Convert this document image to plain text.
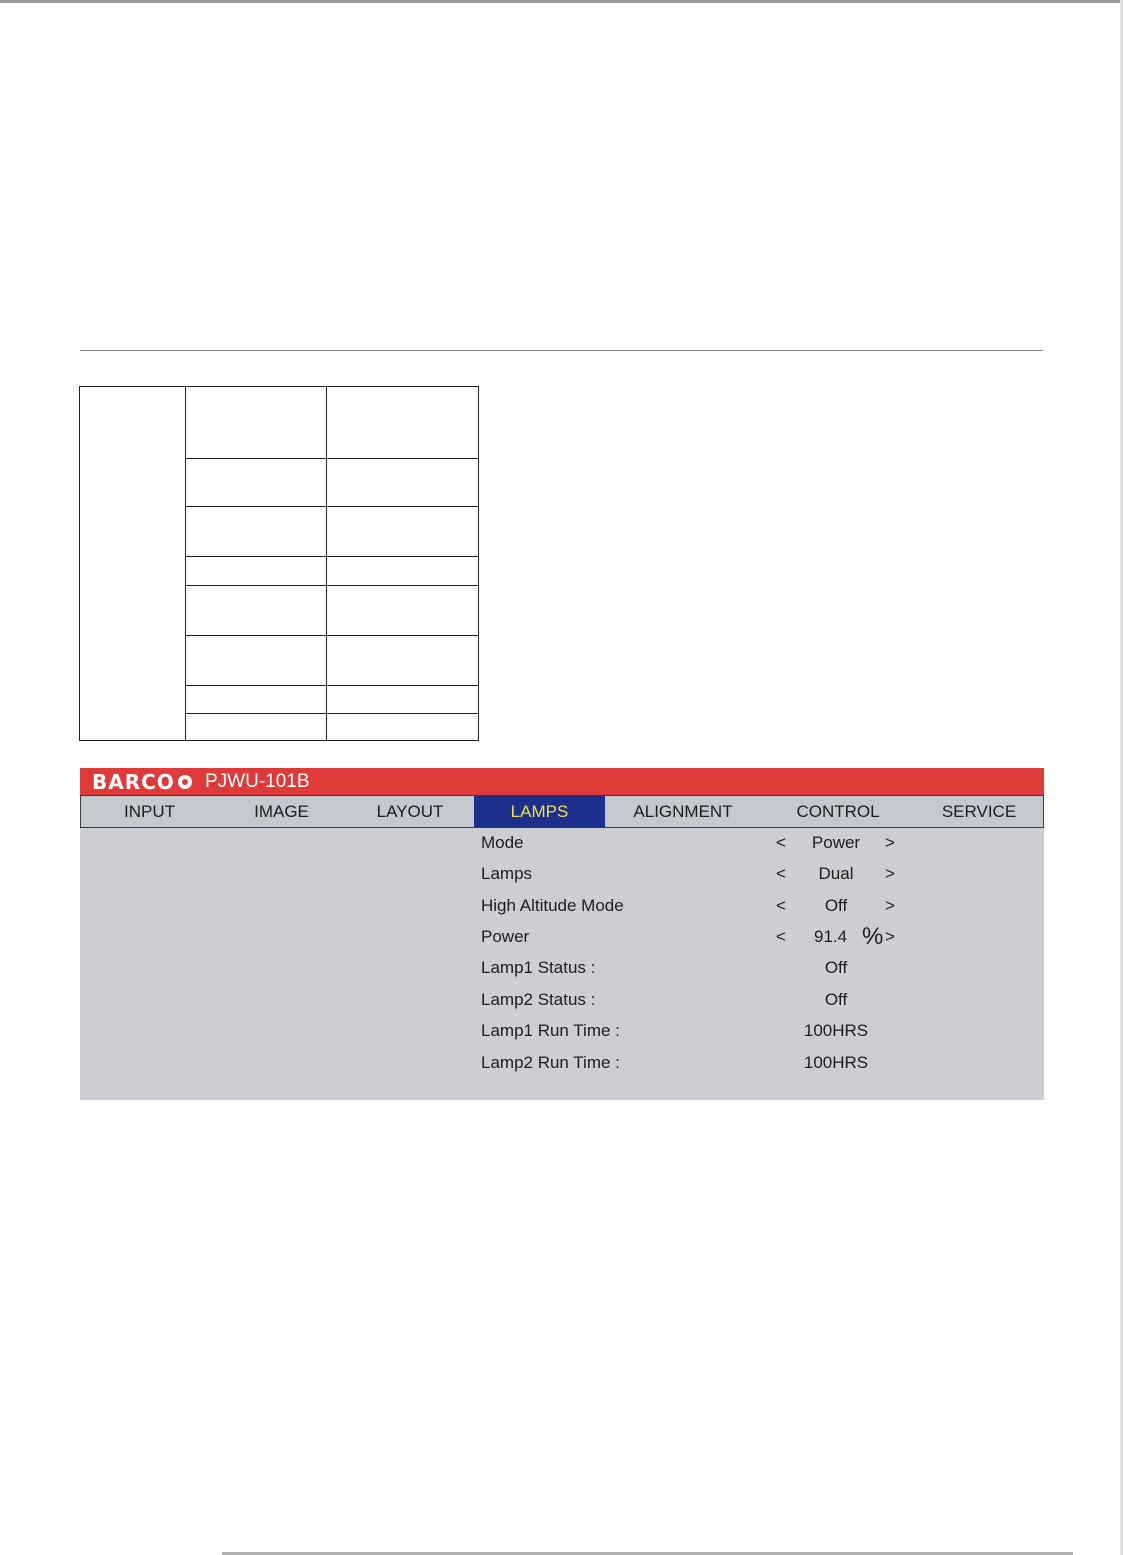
BARCO PJWU-101B
INPUT	IMAGE	LAYOUT	LAMPS	ALIGNMENT	CONTROL	SERVICE
Mode	<	Power	>
Lamps	<	Dual	>
High Altitude Mode	<	Off	>
Power	< 91.4 % >
Lamp1 Status :	Off
Lamp2 Status :	Off
Lamp1 Run Time :	100HRS
Lamp2 Run Time :	100HRS
